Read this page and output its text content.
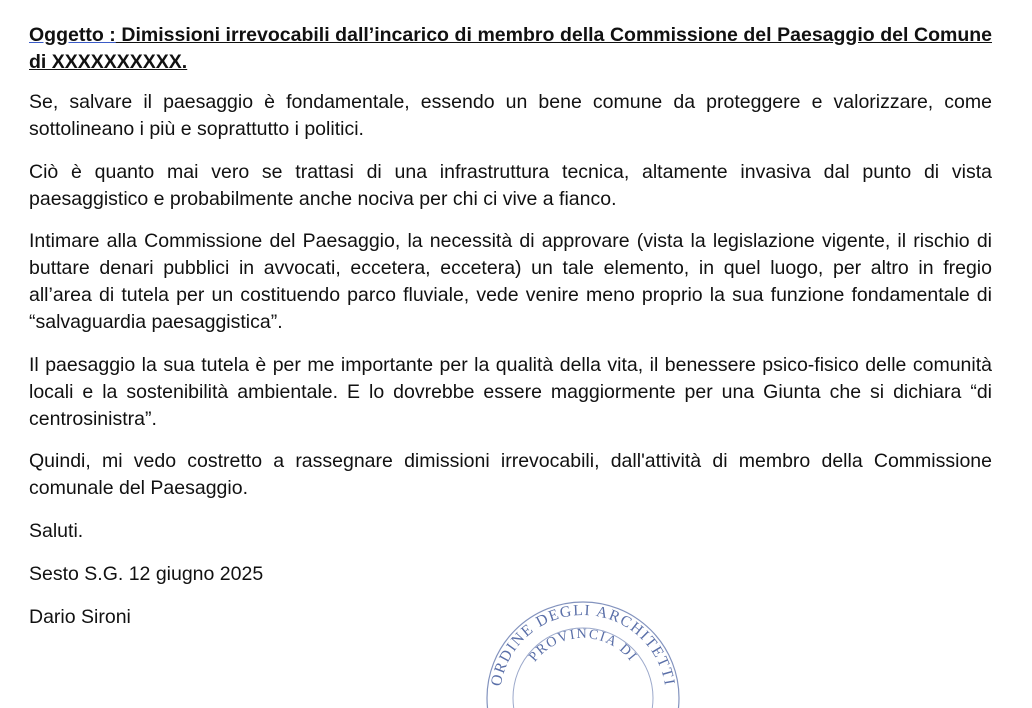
Oggetto : Dimissioni irrevocabili dall’incarico di membro della Commissione del Paesaggio del Comune di XXXXXXXXXX.

Se, salvare il paesaggio è fondamentale, essendo un bene comune da proteggere e valorizzare, come sottolineano i più e soprattutto i politici.

Ciò è quanto mai vero se trattasi di una infrastruttura tecnica, altamente invasiva dal punto di vista paesaggistico e probabilmente anche nociva per chi ci vive a fianco.

Intimare alla Commissione del Paesaggio, la necessità di approvare (vista la legislazione vigente, il rischio di buttare denari pubblici in avvocati, eccetera, eccetera) un tale elemento, in quel luogo, per altro in fregio all’area di tutela per un costituendo parco fluviale, vede venire meno proprio la sua funzione fondamentale di “salvaguardia paesaggistica”.

Il paesaggio la sua tutela è per me importante per la qualità della vita, il benessere psico-fisico delle comunità locali e la sostenibilità ambientale. E lo dovrebbe essere maggiormente per una Giunta che si dichiara “di centrosinistra”.

Quindi, mi vedo costretto a rassegnare dimissioni irrevocabili, dall'attività di membro della Commissione comunale del Paesaggio.

Saluti.

Sesto S.G. 12 giugno 2025

Dario Sironi

ORDINE DEGLI ARCHITETTI
PROVINCIA DI
